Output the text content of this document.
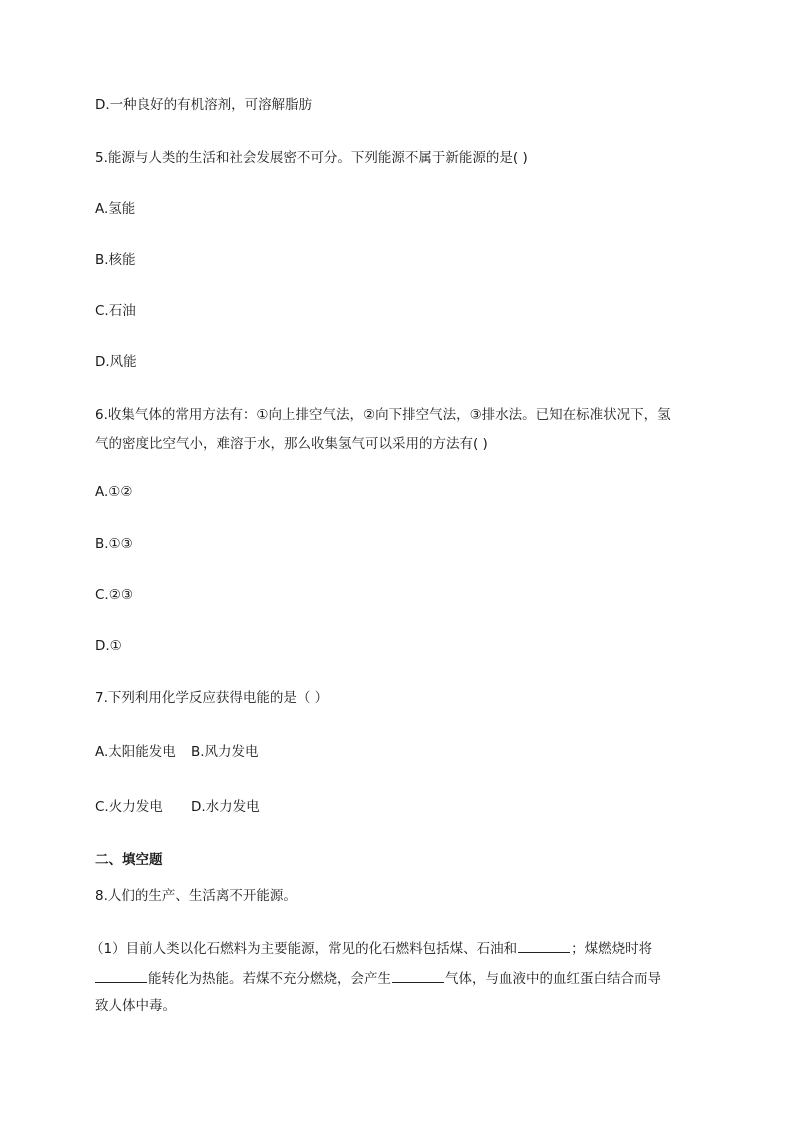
D.一种良好的有机溶剂，可溶解脂肪
5.能源与人类的生活和社会发展密不可分。下列能源不属于新能源的是( )
A.氢能
B.核能
C.石油
D.风能
6.收集气体的常用方法有：①向上排空气法，②向下排空气法，③排水法。已知在标准状况下，氢
气的密度比空气小，难溶于水，那么收集氢气可以采用的方法有( )
A.①②
B.①③
C.②③
D.①
7.下列利用化学反应获得电能的是（ ）
A.太阳能发电 B.风力发电
C.火力发电 D.水力发电
二、填空题
8.人们的生产、生活离不开能源。
（1）目前人类以化石燃料为主要能源，常见的化石燃料包括煤、石油和	；煤燃烧时将
能转化为热能。若煤不充分燃烧，会产生	气体，与血液中的血红蛋白结合而导
致人体中毒。
